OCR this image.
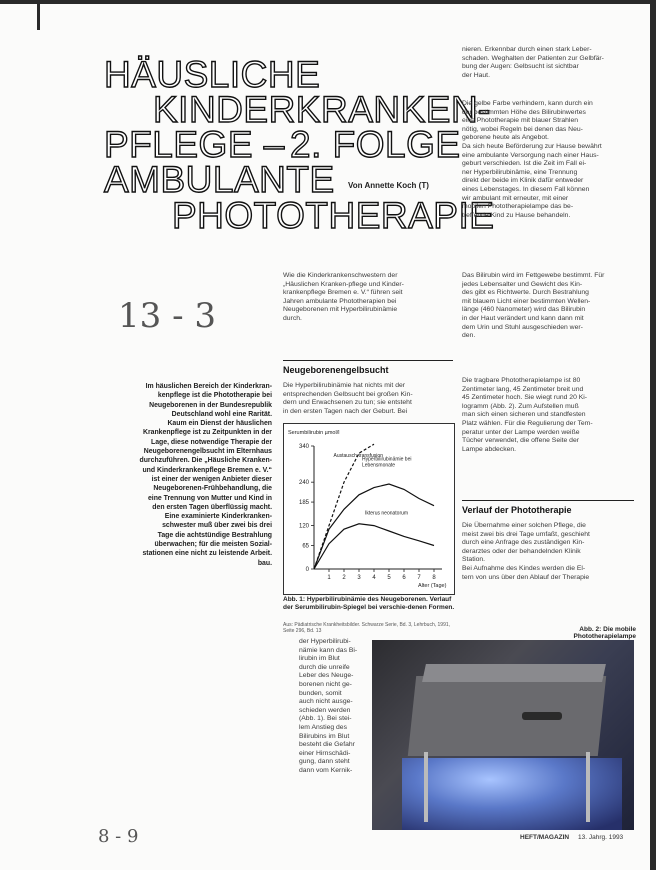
HÄUSLICHE
KINDERKRANKEN-
PFLEGE – 2. FOLGE
AMBULANTE
PHOTOTHERAPIE
Von Annette Koch (T)
13 - 3
8 - 9
Im häuslichen Bereich der Kinderkran-
kenpflege ist die Phototherapie bei
Neugeborenen in der Bundesrepublik
Deutschland wohl eine Rarität.
Kaum ein Dienst der häuslichen
Krankenpflege ist zu Zeitpunkten in der
Lage, diese notwendige Therapie der
Neugeborenengelbsucht im Elternhaus
durchzuführen. Die „Häusliche Kranken-
und Kinderkrankenpflege Bremen e. V.“
ist einer der wenigen Anbieter dieser
Neugeborenen-Frühbehandlung, die
eine Trennung von Mutter und Kind in
den ersten Tagen überflüssig macht.
Eine examinierte Kinderkranken-
schwester muß über zwei bis drei
Tage die achtstündige Bestrahlung
überwachen; für die meisten Sozial-
stationen eine nicht zu leistende Arbeit.
bau.
Wie die Kinderkrankenschwestern der
„Häuslichen Kranken-pflege und Kinder-
krankenpflege Bremen e. V.“ führen seit
Jahren ambulante Phototherapien bei
Neugeborenen mit Hyperbilirubinämie
durch.
Neugeborenengelbsucht
Die Hyperbilirubinämie hat nichts mit der
entsprechenden Gelbsucht bei großen Kin-
dern und Erwachsenen zu tun; sie entsteht
in den ersten Tagen nach der Geburt. Bei
Serumbilirubin µmol/l
Alter (Tage)
340
240
185
120
65
0
1 2 3 4 5 6 7 8
Austausch-transfusion
Hyperbilirubinämie bei
Lebensmonate
Ikterus neonatorum
Abb. 1: Hyperbilirubinämie des Neugeborenen. Verlauf der Serumbilirubin-Spiegel bei verschie-denen Formen.
Aus: Pädiatrische Krankheitsbilder. Schwarze Serie, Bd. 3, Lehrbuch, 1991, Seite 296, Bd. 13
der Hyperbilirubi-
nämie kann das Bi-
lirubin im Blut
durch die unreife
Leber des Neuge-
borenen nicht ge-
bunden, somit
auch nicht ausge-
schieden werden
(Abb. 1). Bei stei-
lem Anstieg des
Bilirubins im Blut
besteht die Gefahr
einer Hirnschädi-
gung, dann steht
dann vom Kernik-
nieren. Erkennbar durch einen stark Leber-
schaden. Weghalten der Patienten zur Gelbfär-
bung der Augen: Gelbsucht ist sichtbar
der Haut.
Die gelbe Farbe verhindern, kann durch ein
der bestimmten Höhe des Bilirubinwertes
eine Phototherapie mit blauer Strahlen
nötig, wobei Regeln bei denen das Neu-
geborene heute als Angebot.
Da sich heute Beförderung zur Hause bewährt
eine ambulante Versorgung nach einer Haus-
geburt verschieden. Ist die Zeit im Fall ei-
ner Hyperbilirubinämie, eine Trennung
direkt der beide im Klinik dafür entweder
eines Lebenstages. In diesem Fall können
wir ambulant mit erneuter, mit einer
mobilen Phototherapielampe das be-
treffende Kind zu Hause behandeln.
Das Bilirubin wird im Fettgewebe bestimmt. Für
jedes Lebensalter und Gewicht des Kin-
des gibt es Richtwerte. Durch Bestrahlung
mit blauem Licht einer bestimmten Wellen-
länge (460 Nanometer) wird das Bilirubin
in der Haut verändert und kann dann mit
dem Urin und Stuhl ausgeschieden wer-
den.
Die tragbare Phototherapielampe ist 80
Zentimeter lang, 45 Zentimeter breit und
45 Zentimeter hoch. Sie wiegt rund 20 Ki-
logramm (Abb. 2). Zum Aufstellen muß
man sich einen sicheren und standfesten
Platz wählen. Für die Regulierung der Tem-
peratur unter der Lampe werden weiße
Tücher verwendet, die offene Seite der
Lampe abdecken.
Verlauf der Phototherapie
Die Übernahme einer solchen Pflege, die
meist zwei bis drei Tage umfaßt, geschieht
durch eine Anfrage des zuständigen Kin-
derarztes oder der behandelnden Klinik
Station.
Bei Aufnahme des Kindes werden die El-
tern von uns über den Ablauf der Therapie
Abb. 2: Die mobile Phototherapielampe
HEFT/MAGAZIN 13. Jahrg. 1993
